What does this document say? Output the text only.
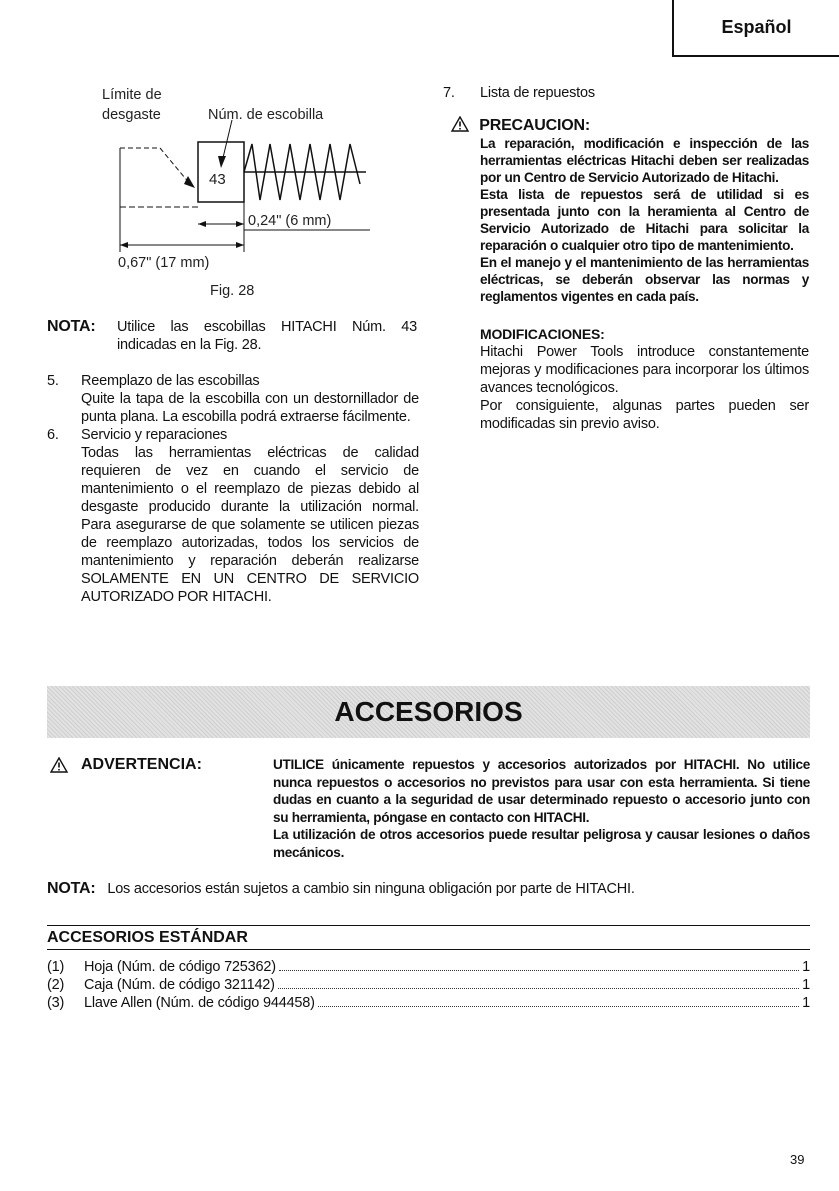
Español
Límite de
desgaste	Núm. de escobilla
43
0,24" (6 mm)
0,67" (17 mm)
Fig. 28
NOTA:	Utilice las escobillas HITACHI Núm. 43 indicadas en la Fig. 28.
5.	Reemplazo de las escobillas
Quite la tapa de la escobilla con un destornillador de punta plana. La escobilla podrá extraerse fácilmente.
6.	Servicio y reparaciones
Todas las herramientas eléctricas de calidad requieren de vez en cuando el servicio de mantenimiento o el reemplazo de piezas debido al desgaste producido durante la utilización normal. Para asegurarse de que solamente se utilicen piezas de reemplazo autorizadas, todos los servicios de mantenimiento y reparación deberán realizarse SOLAMENTE EN UN CENTRO DE SERVICIO AUTORIZADO POR HITACHI.
7.	Lista de repuestos
PRECAUCION:

La reparación, modificación e inspección de las herramientas eléctricas Hitachi deben ser realizadas por un Centro de Servicio Autorizado de Hitachi.

Esta lista de repuestos será de utilidad si es presentada junto con la heramienta al Centro de Servicio Autorizado de Hitachi para solicitar la reparación o cualquier otro tipo de mantenimiento.

En el manejo y el mantenimiento de las herramientas eléctricas, se deberán observar las normas y reglamentos vigentes en cada país.

MODIFICACIONES:
Hitachi Power Tools introduce constantemente mejoras y modificaciones para incorporar los últimos avances tecnológicos.
Por consiguiente, algunas partes pueden ser modificadas sin previo aviso.
ACCESORIOS
ADVERTENCIA:	UTILICE únicamente repuestos y accesorios autorizados por HITACHI. No utilice nunca repuestos o accesorios no previstos para usar con esta herramienta. Si tiene dudas en cuanto a la seguridad de usar determinado repuesto o accesorio junto con su herramienta, póngase en contacto con HITACHI.
La utilización de otros accesorios puede resultar peligrosa y causar lesiones o daños mecánicos.
NOTA: Los accesorios están sujetos a cambio sin ninguna obligación por parte de HITACHI.
ACCESORIOS ESTÁNDAR
(1)	Hoja (Núm. de código 725362)	1
(2)	Caja (Núm. de código 321142)	1
(3)	Llave Allen (Núm. de código 944458)	1
39
